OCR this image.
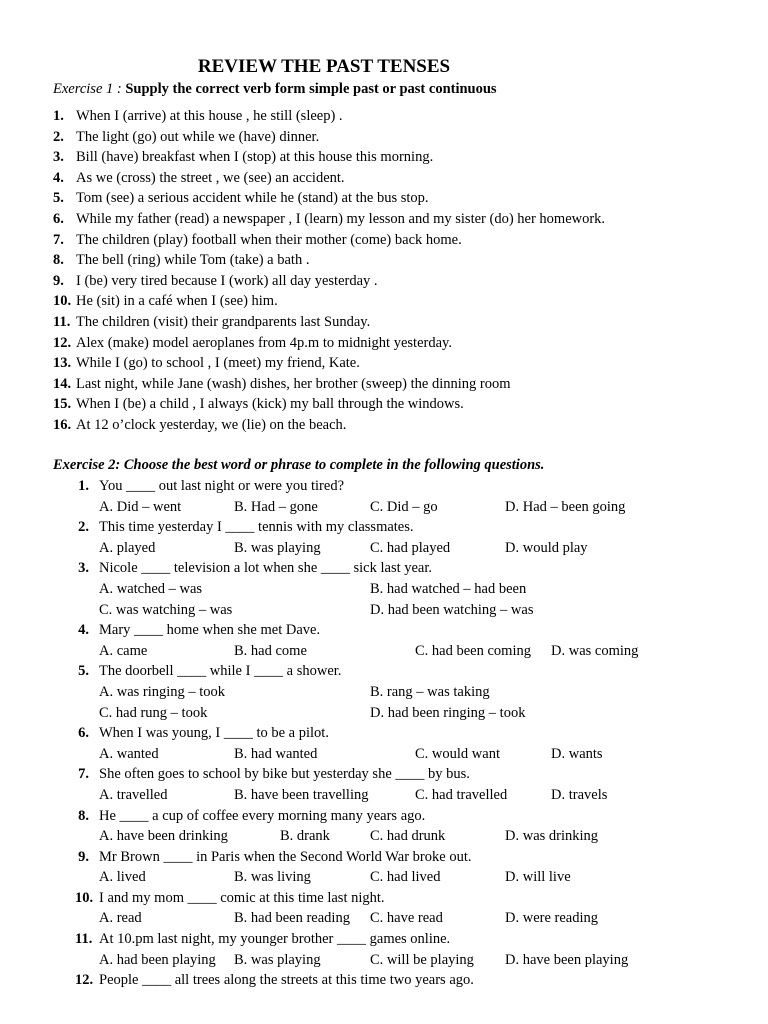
REVIEW THE PAST TENSES
Exercise 1 : Supply the correct verb form simple past or past continuous
1. When I (arrive) at this house , he still (sleep) .
2. The light (go) out while we (have) dinner.
3. Bill (have) breakfast when I (stop) at this house this morning.
4. As we (cross) the street , we (see) an accident.
5. Tom (see) a serious accident while he (stand) at the bus stop.
6. While my father (read) a newspaper , I (learn) my lesson and my sister (do) her homework.
7. The children (play) football when their mother (come) back home.
8. The bell (ring) while Tom (take) a bath .
9. I (be) very tired because I (work) all day yesterday .
10. He (sit) in a café when I (see) him.
11. The children (visit) their grandparents last Sunday.
12. Alex (make) model aeroplanes from 4p.m to midnight yesterday.
13. While I (go) to school , I (meet) my friend, Kate.
14. Last night, while Jane (wash) dishes, her brother (sweep) the dinning room
15. When I (be) a child , I always (kick) my ball through the windows.
16. At 12 o’clock yesterday, we (lie) on the beach.
Exercise 2: Choose the best word or phrase to complete in the following questions.
1. You ____ out last night or were you tired?
A. Did – went	B. Had – gone	C. Did – go	D. Had – been going
2. This time yesterday I ____ tennis with my classmates.
A. played	B. was playing	C. had played	D. would play
3. Nicole ____ television a lot when she ____ sick last year.
A. watched – was	B. had watched – had been
C. was watching – was	D. had been watching – was
4. Mary ____ home when she met Dave.
A. came	B. had come	C. had been coming D. was coming
5. The doorbell ____ while I ____ a shower.
A. was ringing – took	B. rang – was taking
C. had rung – took	D. had been ringing – took
6. When I was young, I ____ to be a pilot.
A. wanted	B. had wanted	C. would want	D. wants
7. She often goes to school by bike but yesterday she ____ by bus.
A. travelled	B. have been travelling	C. had travelled	D. travels
8. He ____ a cup of coffee every morning many years ago.
A. have been drinking	B. drank	C. had drunk	D. was drinking
9. Mr Brown ____ in Paris when the Second World War broke out.
A. lived	B. was living	C. had lived	D. will live
10. I and my mom ____ comic at this time last night.
A. read	B. had been reading C. have read	D. were reading
11. At 10.pm last night, my younger brother ____ games online.
A. had been playing B. was playing	C. will be playing D. have been playing
12. People ____ all trees along the streets at this time two years ago.
